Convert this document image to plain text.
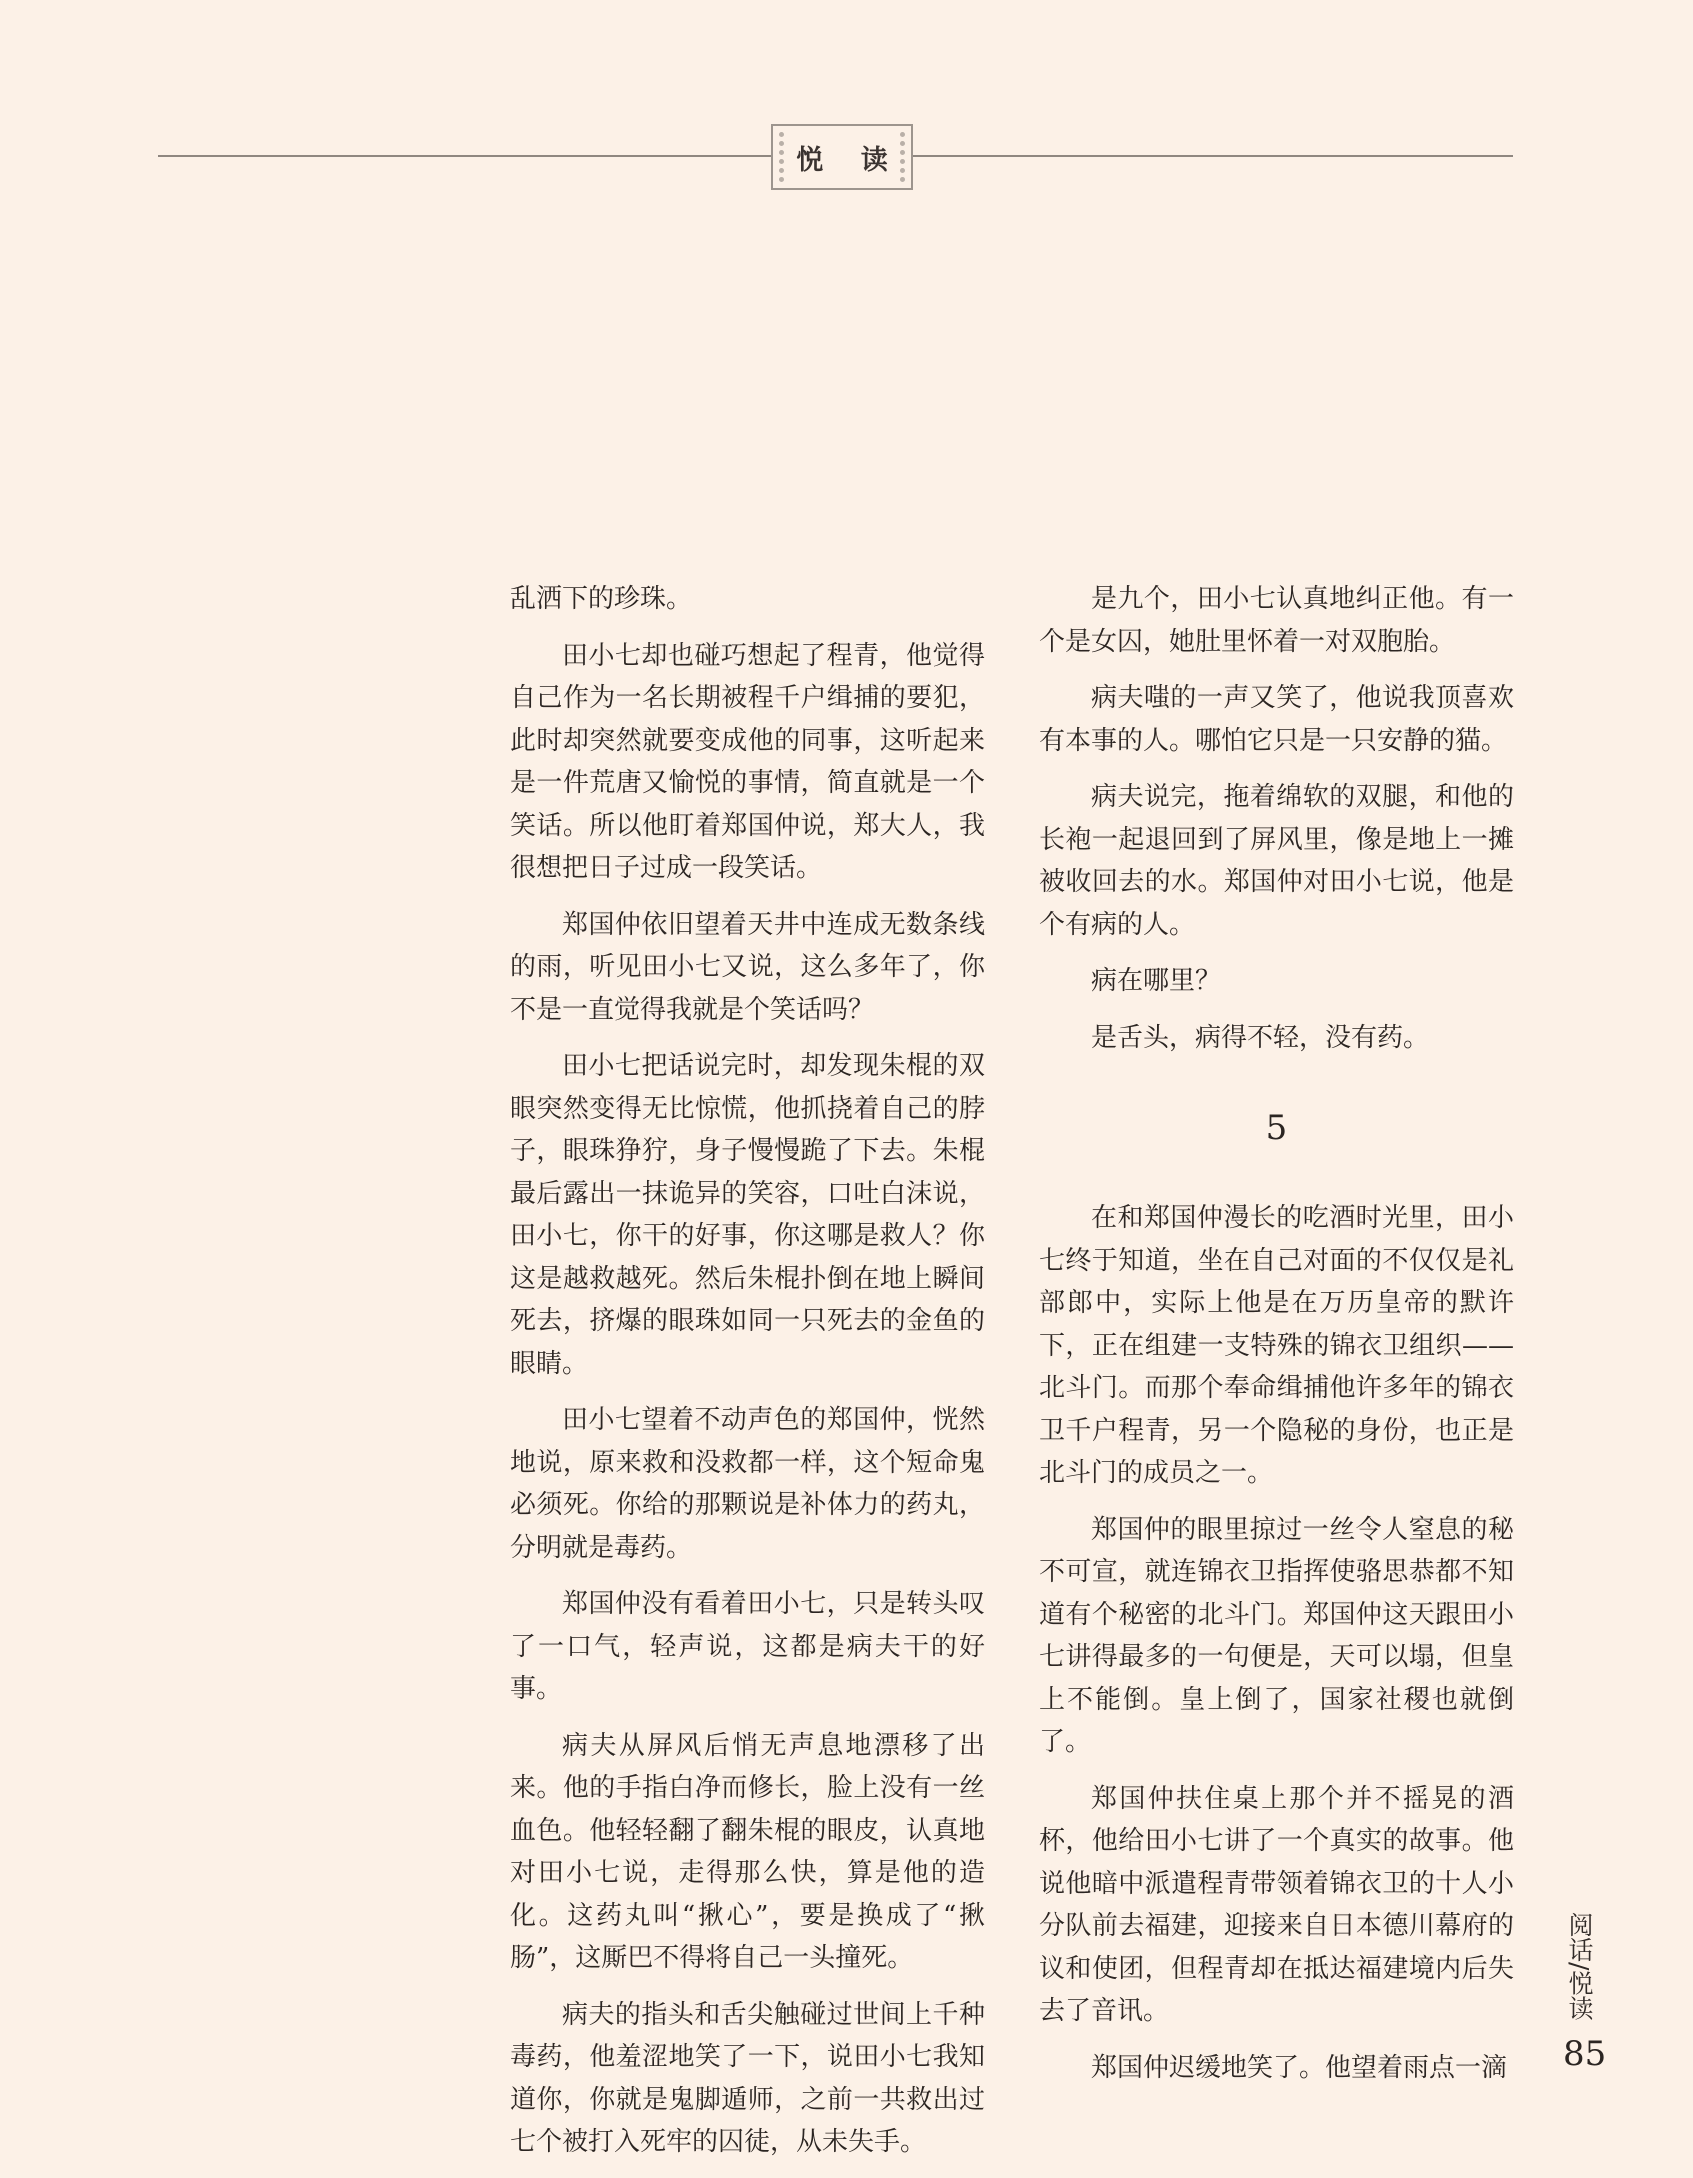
悦 读

乱洒下的珍珠。

田小七却也碰巧想起了程青，他觉得自己作为一名长期被程千户缉捕的要犯，此时却突然就要变成他的同事，这听起来是一件荒唐又愉悦的事情，简直就是一个笑话。所以他盯着郑国仲说，郑大人，我很想把日子过成一段笑话。

郑国仲依旧望着天井中连成无数条线的雨，听见田小七又说，这么多年了，你不是一直觉得我就是个笑话吗？

田小七把话说完时，却发现朱棍的双眼突然变得无比惊慌，他抓挠着自己的脖子，眼珠狰狞，身子慢慢跪了下去。朱棍最后露出一抹诡异的笑容，口吐白沫说，田小七，你干的好事，你这哪是救人？你这是越救越死。然后朱棍扑倒在地上瞬间死去，挤爆的眼珠如同一只死去的金鱼的眼睛。

田小七望着不动声色的郑国仲，恍然地说，原来救和没救都一样，这个短命鬼必须死。你给的那颗说是补体力的药丸，分明就是毒药。

郑国仲没有看着田小七，只是转头叹了一口气，轻声说，这都是病夫干的好事。

病夫从屏风后悄无声息地漂移了出来。他的手指白净而修长，脸上没有一丝血色。他轻轻翻了翻朱棍的眼皮，认真地对田小七说，走得那么快，算是他的造化。这药丸叫“揪心”，要是换成了“揪肠”，这厮巴不得将自己一头撞死。

病夫的指头和舌尖触碰过世间上千种毒药，他羞涩地笑了一下，说田小七我知道你，你就是鬼脚遁师，之前一共救出过七个被打入死牢的囚徒，从未失手。

是九个，田小七认真地纠正他。有一个是女囚，她肚里怀着一对双胞胎。

病夫嗤的一声又笑了，他说我顶喜欢有本事的人。哪怕它只是一只安静的猫。

病夫说完，拖着绵软的双腿，和他的长袍一起退回到了屏风里，像是地上一摊被收回去的水。郑国仲对田小七说，他是个有病的人。

病在哪里？

是舌头，病得不轻，没有药。

5

在和郑国仲漫长的吃酒时光里，田小七终于知道，坐在自己对面的不仅仅是礼部郎中，实际上他是在万历皇帝的默许下，正在组建一支特殊的锦衣卫组织——北斗门。而那个奉命缉捕他许多年的锦衣卫千户程青，另一个隐秘的身份，也正是北斗门的成员之一。

郑国仲的眼里掠过一丝令人窒息的秘不可宣，就连锦衣卫指挥使骆思恭都不知道有个秘密的北斗门。郑国仲这天跟田小七讲得最多的一句便是，天可以塌，但皇上不能倒。皇上倒了，国家社稷也就倒了。

郑国仲扶住桌上那个并不摇晃的酒杯，他给田小七讲了一个真实的故事。他说他暗中派遣程青带领着锦衣卫的十人小分队前去福建，迎接来自日本德川幕府的议和使团，但程青却在抵达福建境内后失去了音讯。

郑国仲迟缓地笑了。他望着雨点一滴

阅话/悦读
85
